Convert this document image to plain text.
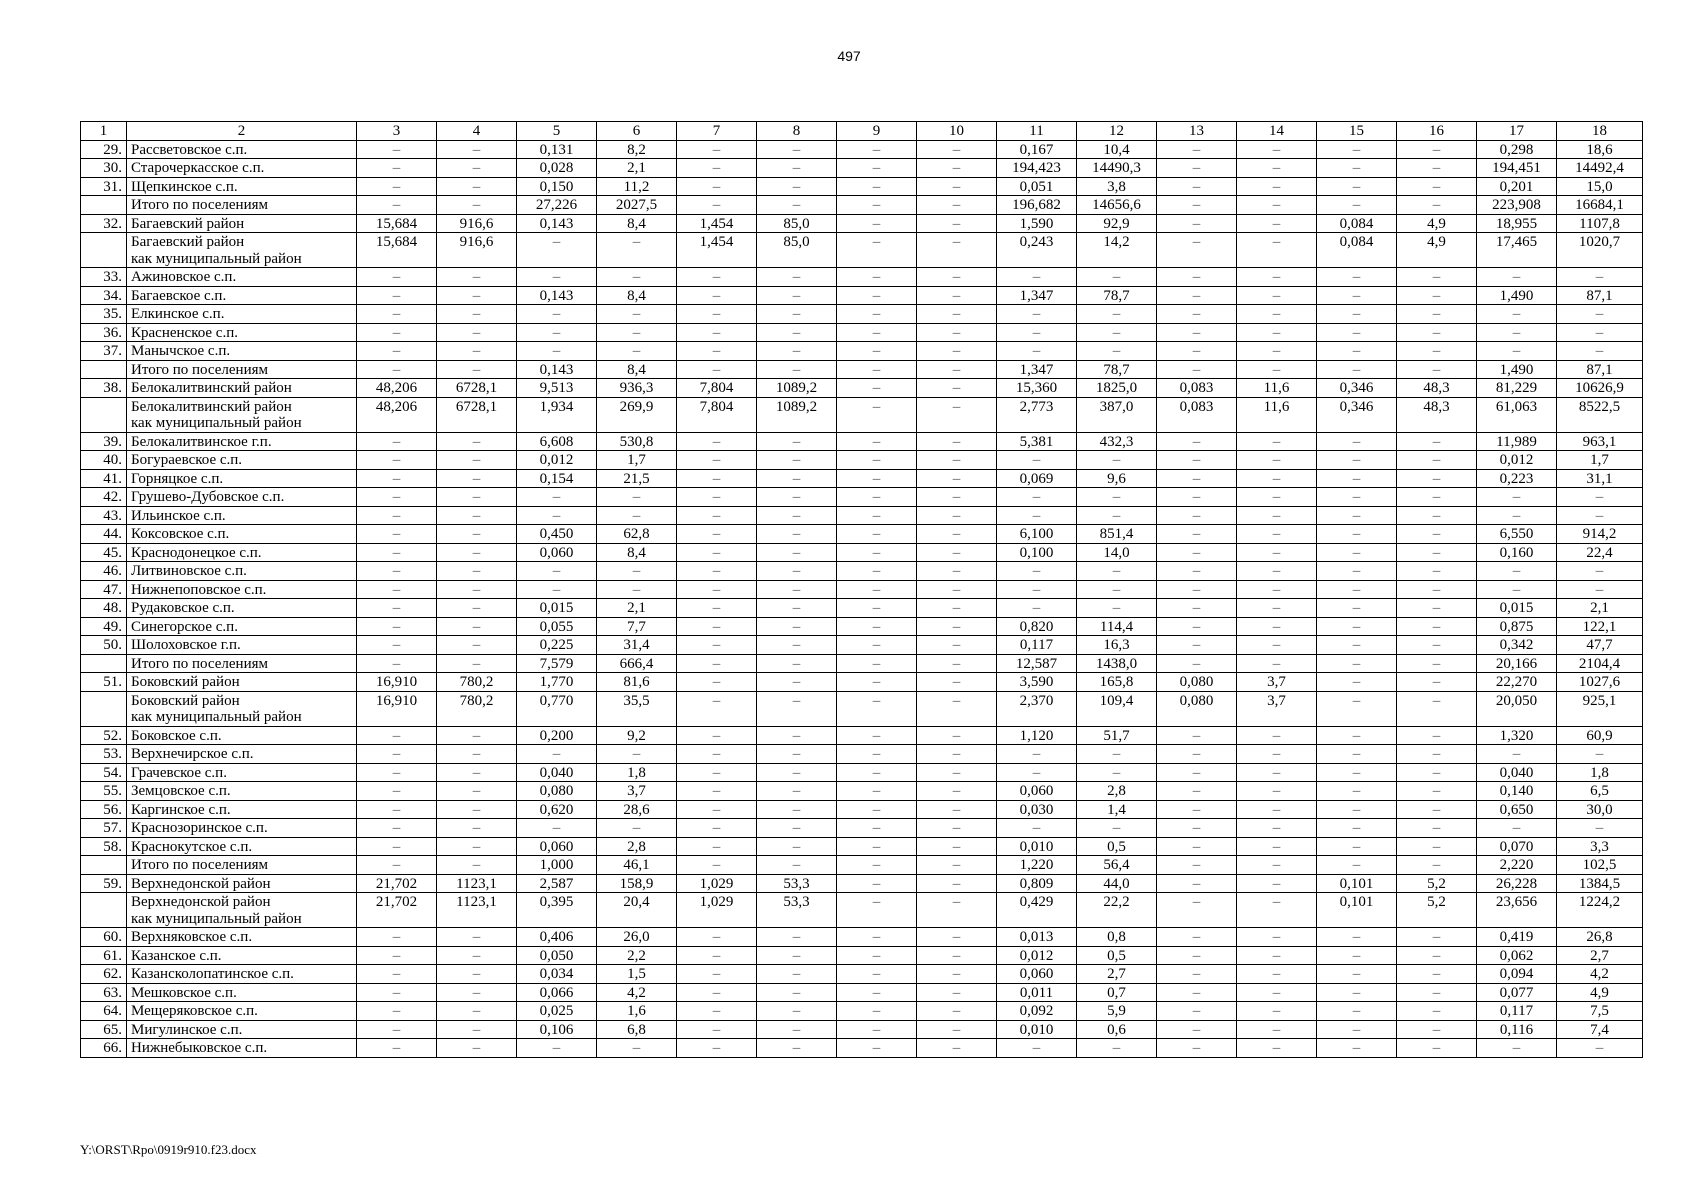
497
1	2	3	4	5	6	7	8	9	10	11	12	13	14	15	16	17	18
29.	Рассветовское с.п.	–	–	0,131	8,2	–	–	–	–	0,167	10,4	–	–	–	–	0,298	18,6
30.	Старочеркасское с.п.	–	–	0,028	2,1	–	–	–	–	194,423	14490,3	–	–	–	–	194,451	14492,4
31.	Щепкинское с.п.	–	–	0,150	11,2	–	–	–	–	0,051	3,8	–	–	–	–	0,201	15,0
	Итого по поселениям	–	–	27,226	2027,5	–	–	–	–	196,682	14656,6	–	–	–	–	223,908	16684,1
32.	Багаевский район	15,684	916,6	0,143	8,4	1,454	85,0	–	–	1,590	92,9	–	–	0,084	4,9	18,955	1107,8
	Багаевский район
как муниципальный район	15,684	916,6	–	–	1,454	85,0	–	–	0,243	14,2	–	–	0,084	4,9	17,465	1020,7
33.	Ажиновское с.п.	–	–	–	–	–	–	–	–	–	–	–	–	–	–	–	–
34.	Багаевское с.п.	–	–	0,143	8,4	–	–	–	–	1,347	78,7	–	–	–	–	1,490	87,1
35.	Елкинское с.п.	–	–	–	–	–	–	–	–	–	–	–	–	–	–	–	–
36.	Красненское с.п.	–	–	–	–	–	–	–	–	–	–	–	–	–	–	–	–
37.	Манычское с.п.	–	–	–	–	–	–	–	–	–	–	–	–	–	–	–	–
	Итого по поселениям	–	–	0,143	8,4	–	–	–	–	1,347	78,7	–	–	–	–	1,490	87,1
38.	Белокалитвинский район	48,206	6728,1	9,513	936,3	7,804	1089,2	–	–	15,360	1825,0	0,083	11,6	0,346	48,3	81,229	10626,9
	Белокалитвинский район
как муниципальный район	48,206	6728,1	1,934	269,9	7,804	1089,2	–	–	2,773	387,0	0,083	11,6	0,346	48,3	61,063	8522,5
39.	Белокалитвинское г.п.	–	–	6,608	530,8	–	–	–	–	5,381	432,3	–	–	–	–	11,989	963,1
40.	Богураевское с.п.	–	–	0,012	1,7	–	–	–	–	–	–	–	–	–	–	0,012	1,7
41.	Горняцкое с.п.	–	–	0,154	21,5	–	–	–	–	0,069	9,6	–	–	–	–	0,223	31,1
42.	Грушево-Дубовское с.п.	–	–	–	–	–	–	–	–	–	–	–	–	–	–	–	–
43.	Ильинское с.п.	–	–	–	–	–	–	–	–	–	–	–	–	–	–	–	–
44.	Коксовское с.п.	–	–	0,450	62,8	–	–	–	–	6,100	851,4	–	–	–	–	6,550	914,2
45.	Краснодонецкое с.п.	–	–	0,060	8,4	–	–	–	–	0,100	14,0	–	–	–	–	0,160	22,4
46.	Литвиновское с.п.	–	–	–	–	–	–	–	–	–	–	–	–	–	–	–	–
47.	Нижнепоповское с.п.	–	–	–	–	–	–	–	–	–	–	–	–	–	–	–	–
48.	Рудаковское с.п.	–	–	0,015	2,1	–	–	–	–	–	–	–	–	–	–	0,015	2,1
49.	Синегорское с.п.	–	–	0,055	7,7	–	–	–	–	0,820	114,4	–	–	–	–	0,875	122,1
50.	Шолоховское г.п.	–	–	0,225	31,4	–	–	–	–	0,117	16,3	–	–	–	–	0,342	47,7
	Итого по поселениям	–	–	7,579	666,4	–	–	–	–	12,587	1438,0	–	–	–	–	20,166	2104,4
51.	Боковский район	16,910	780,2	1,770	81,6	–	–	–	–	3,590	165,8	0,080	3,7	–	–	22,270	1027,6
	Боковский район
как муниципальный район	16,910	780,2	0,770	35,5	–	–	–	–	2,370	109,4	0,080	3,7	–	–	20,050	925,1
52.	Боковское с.п.	–	–	0,200	9,2	–	–	–	–	1,120	51,7	–	–	–	–	1,320	60,9
53.	Верхнечирское с.п.	–	–	–	–	–	–	–	–	–	–	–	–	–	–	–	–
54.	Грачевское с.п.	–	–	0,040	1,8	–	–	–	–	–	–	–	–	–	–	0,040	1,8
55.	Земцовское с.п.	–	–	0,080	3,7	–	–	–	–	0,060	2,8	–	–	–	–	0,140	6,5
56.	Каргинское с.п.	–	–	0,620	28,6	–	–	–	–	0,030	1,4	–	–	–	–	0,650	30,0
57.	Краснозоринское с.п.	–	–	–	–	–	–	–	–	–	–	–	–	–	–	–	–
58.	Краснокутское с.п.	–	–	0,060	2,8	–	–	–	–	0,010	0,5	–	–	–	–	0,070	3,3
	Итого по поселениям	–	–	1,000	46,1	–	–	–	–	1,220	56,4	–	–	–	–	2,220	102,5
59.	Верхнедонской район	21,702	1123,1	2,587	158,9	1,029	53,3	–	–	0,809	44,0	–	–	0,101	5,2	26,228	1384,5
	Верхнедонской район
как муниципальный район	21,702	1123,1	0,395	20,4	1,029	53,3	–	–	0,429	22,2	–	–	0,101	5,2	23,656	1224,2
60.	Верхняковское с.п.	–	–	0,406	26,0	–	–	–	–	0,013	0,8	–	–	–	–	0,419	26,8
61.	Казанское с.п.	–	–	0,050	2,2	–	–	–	–	0,012	0,5	–	–	–	–	0,062	2,7
62.	Казансколопатинское с.п.	–	–	0,034	1,5	–	–	–	–	0,060	2,7	–	–	–	–	0,094	4,2
63.	Мешковское с.п.	–	–	0,066	4,2	–	–	–	–	0,011	0,7	–	–	–	–	0,077	4,9
64.	Мещеряковское с.п.	–	–	0,025	1,6	–	–	–	–	0,092	5,9	–	–	–	–	0,117	7,5
65.	Мигулинское с.п.	–	–	0,106	6,8	–	–	–	–	0,010	0,6	–	–	–	–	0,116	7,4
66.	Нижнебыковское с.п.	–	–	–	–	–	–	–	–	–	–	–	–	–	–	–	–
Y:\ORST\Rpo\0919r910.f23.docx
